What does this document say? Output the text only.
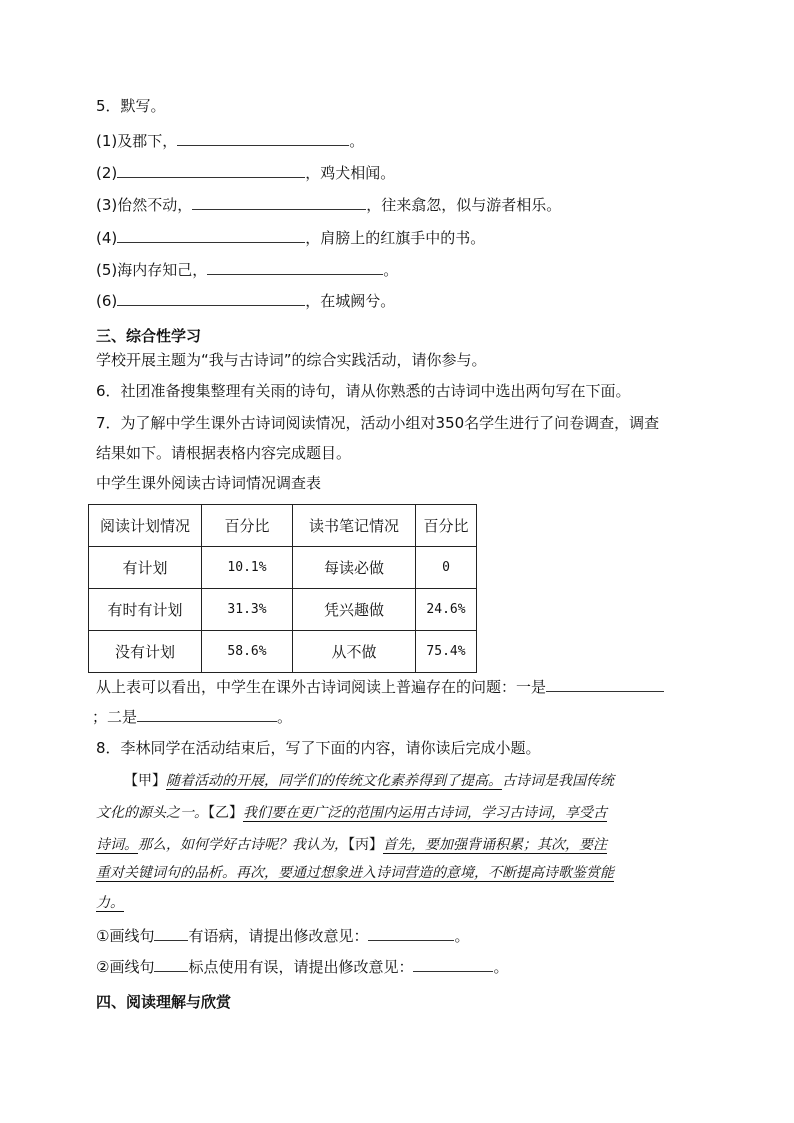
5．默写。
(1)及郡下，	。
(2)	，鸡犬相闻。
(3)佁然不动，	，往来翕忽，似与游者相乐。
(4)	，肩膀上的红旗手中的书。
(5)海内存知己，	。
(6)	，在城阙兮。
三、综合性学习
学校开展主题为“我与古诗词”的综合实践活动，请你参与。
6．社团准备搜集整理有关雨的诗句，请从你熟悉的古诗词中选出两句写在下面。
7．为了解中学生课外古诗词阅读情况，活动小组对350名学生进行了问卷调查，调查
结果如下。请根据表格内容完成题目。
中学生课外阅读古诗词情况调查表
阅读计划情况	百分比	读书笔记情况	百分比
有计划	10.1%	每读必做	0
有时有计划	31.3%	凭兴趣做	24.6%
没有计划	58.6%	从不做	75.4%
从上表可以看出，中学生在课外古诗词阅读上普遍存在的问题：一是
；二是	。
8．李林同学在活动结束后，写了下面的内容，请你读后完成小题。
【甲】随着活动的开展，同学们的传统文化素养得到了提高。古诗词是我国传统
文化的源头之一。【乙】我们要在更广泛的范围内运用古诗词，学习古诗词，享受古
诗词。那么，如何学好古诗呢？我认为，【丙】首先，要加强背诵积累；其次，要注
重对关键词句的品析。再次，要通过想象进入诗词营造的意境，不断提高诗歌鉴赏能
力。
①画线句 有语病，请提出修改意见：	。
②画线句 标点使用有误，请提出修改意见：	。
四、阅读理解与欣赏
